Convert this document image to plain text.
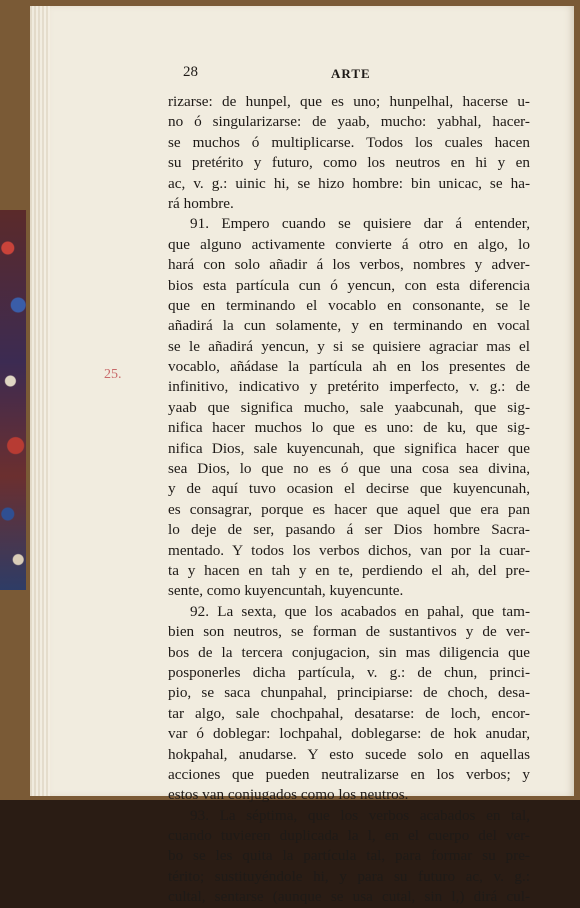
28	ARTE
25.
rizarse: de hunpel, que es uno; hunpelhal, hacerse u-
no ó singularizarse: de yaab, mucho: yabhal, hacer-
se muchos ó multiplicarse. Todos los cuales hacen
su pretérito y futuro, como los neutros en hi y en
ac, v. g.: uinic hi, se hizo hombre: bin unicac, se ha-
rá hombre.
91. Empero cuando se quisiere dar á entender,
que alguno activamente convierte á otro en algo, lo
hará con solo añadir á los verbos, nombres y adver-
bios esta partícula cun ó yencun, con esta diferencia
que en terminando el vocablo en consonante, se le
añadirá la cun solamente, y en terminando en vocal
se le añadirá yencun, y si se quisiere agraciar mas el
vocablo, añádase la partícula ah en los presentes de
infinitivo, indicativo y pretérito imperfecto, v. g.: de
yaab que significa mucho, sale yaabcunah, que sig-
nifica hacer muchos lo que es uno: de ku, que sig-
nifica Dios, sale kuyencunah, que significa hacer que
sea Dios, lo que no es ó que una cosa sea divina,
y de aquí tuvo ocasion el decirse que kuyencunah,
es consagrar, porque es hacer que aquel que era pan
lo deje de ser, pasando á ser Dios hombre Sacra-
mentado. Y todos los verbos dichos, van por la cuar-
ta y hacen en tah y en te, perdiendo el ah, del pre-
sente, como kuyencuntah, kuyencunte.
92. La sexta, que los acabados en pahal, que tam-
bien son neutros, se forman de sustantivos y de ver-
bos de la tercera conjugacion, sin mas diligencia que
posponerles dicha partícula, v. g.: de chun, princi-
pio, se saca chunpahal, principiarse: de choch, desa-
tar algo, sale chochpahal, desatarse: de loch, encor-
var ó doblegar: lochpahal, doblegarse: de hok anudar,
hokpahal, anudarse. Y esto sucede solo en aquellas
acciones que pueden neutralizarse en los verbos; y
estos van conjugados como los neutros.
93. La séptima, que los verbos acabados en tal,
cuando tuvieren duplicada la l, en el cuerpo del ver-
bo se les quita la partícula tal, para formar su pre-
térito; sustituyéndole hi, y para su futuro ac, v. g.:
cultal, sentarse (aunque se usa cutal, sin l,) dirá cul-
